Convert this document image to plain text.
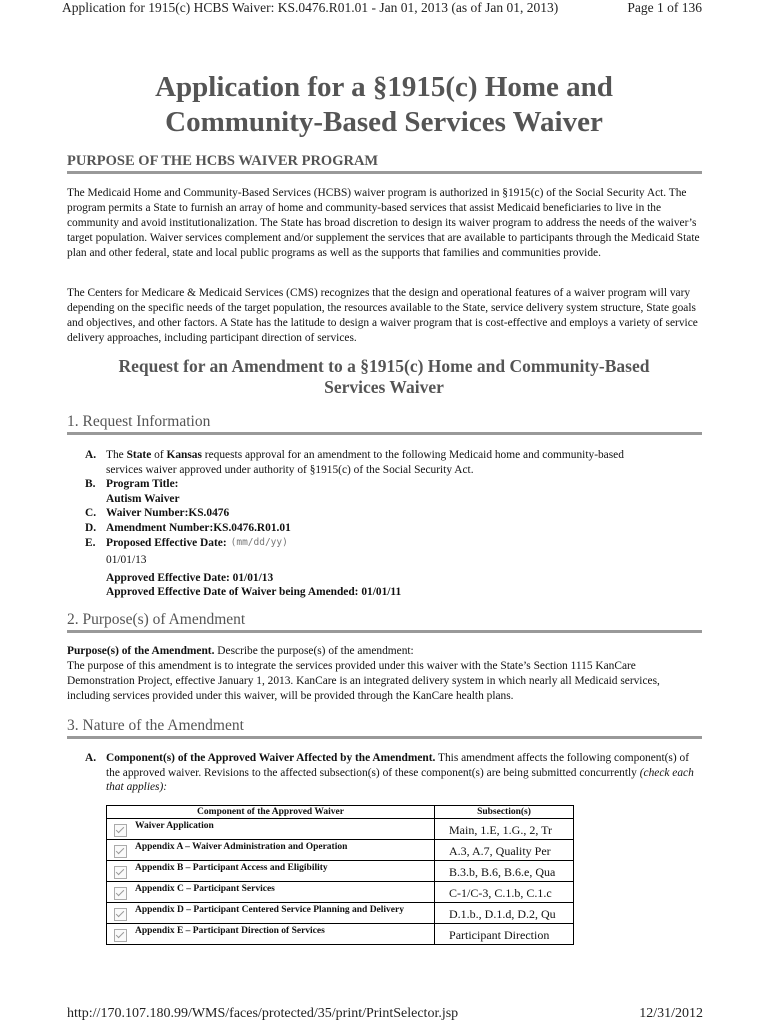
Application for 1915(c) HCBS Waiver: KS.0476.R01.01 - Jan 01, 2013 (as of Jan 01, 2013)	Page 1 of 136
Application for a §1915(c) Home and
Community-Based Services Waiver
PURPOSE OF THE HCBS WAIVER PROGRAM
The Medicaid Home and Community-Based Services (HCBS) waiver program is authorized in §1915(c) of the Social Security Act. The program permits a State to furnish an array of home and community-based services that assist Medicaid beneficiaries to live in the community and avoid institutionalization. The State has broad discretion to design its waiver program to address the needs of the waiver’s target population. Waiver services complement and/or supplement the services that are available to participants through the Medicaid State plan and other federal, state and local public programs as well as the supports that families and communities provide.
The Centers for Medicare & Medicaid Services (CMS) recognizes that the design and operational features of a waiver program will vary depending on the specific needs of the target population, the resources available to the State, service delivery system structure, State goals and objectives, and other factors. A State has the latitude to design a waiver program that is cost-effective and employs a variety of service delivery approaches, including participant direction of services.
Request for an Amendment to a §1915(c) Home and Community-Based
Services Waiver
1. Request Information
A. The State of Kansas requests approval for an amendment to the following Medicaid home and community-based
services waiver approved under authority of §1915(c) of the Social Security Act.
B. Program Title:
Autism Waiver
C. Waiver Number:KS.0476
D. Amendment Number:KS.0476.R01.01
E. Proposed Effective Date: (mm/dd/yy)
01/01/13
Approved Effective Date: 01/01/13
Approved Effective Date of Waiver being Amended: 01/01/11
2. Purpose(s) of Amendment
Purpose(s) of the Amendment. Describe the purpose(s) of the amendment:
The purpose of this amendment is to integrate the services provided under this waiver with the State’s Section 1115 KanCare Demonstration Project, effective January 1, 2013. KanCare is an integrated delivery system in which nearly all Medicaid services, including services provided under this waiver, will be provided through the KanCare health plans.
3. Nature of the Amendment
A. Component(s) of the Approved Waiver Affected by the Amendment. This amendment affects the following component(s) of the approved waiver. Revisions to the affected subsection(s) of these component(s) are being submitted concurrently (check each that applies):
Component of the Approved Waiver	Subsection(s)

Waiver Application	Main, 1.E, 1.G., 2, Tr

Appendix A – Waiver Administration and Operation	A.3, A.7, Quality Per

Appendix B – Participant Access and Eligibility	B.3.b, B.6, B.6.e, Qua

Appendix C – Participant Services	C-1/C-3, C.1.b, C.1.c

Appendix D – Participant Centered Service Planning and Delivery	D.1.b., D.1.d, D.2, Qu

Appendix E – Participant Direction of Services	Participant Direction
http://170.107.180.99/WMS/faces/protected/35/print/PrintSelector.jsp	12/31/2012
